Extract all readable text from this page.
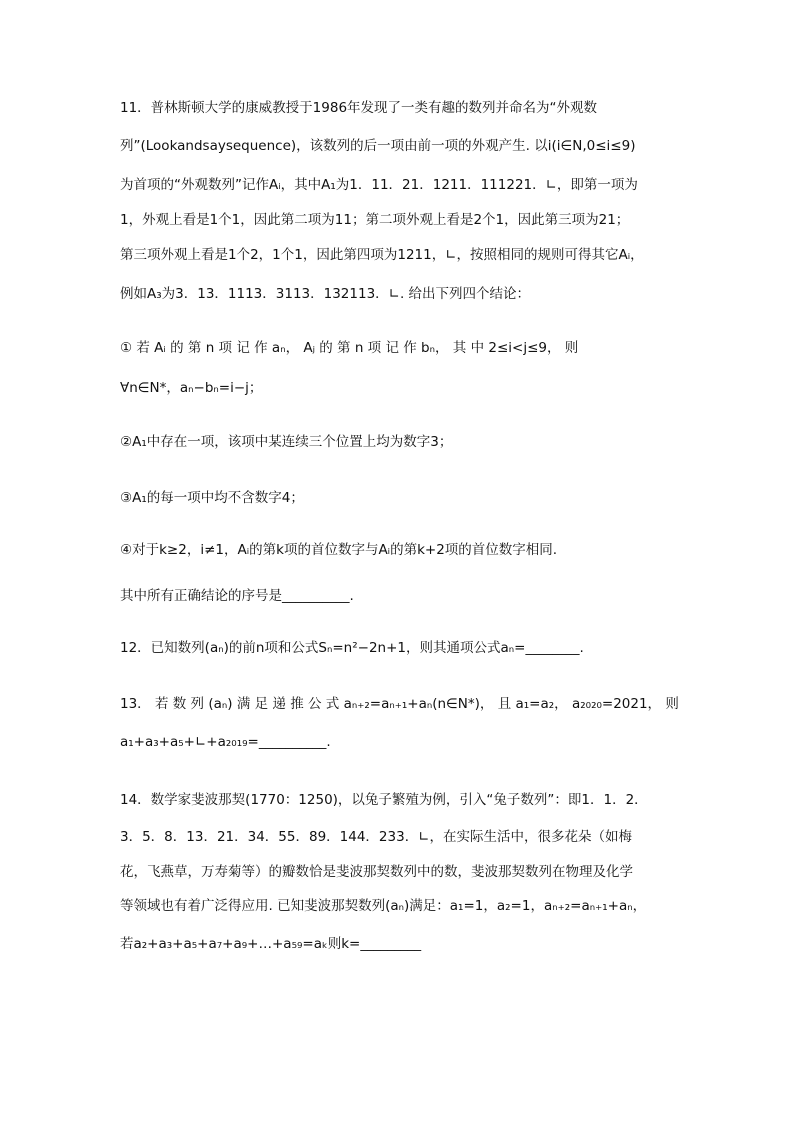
11．普林斯顿大学的康威教授于1986年发现了一类有趣的数列并命名为“外观数
列”(Lookandsaysequence)，该数列的后一项由前一项的外观产生. 以i(i∈N,0≤i≤9)
为首项的“外观数列”记作Aᵢ，其中A₁为1．11．21．1211．111221．∟，即第一项为
1，外观上看是1个1，因此第二项为11；第二项外观上看是2个1，因此第三项为21；
第三项外观上看是1个2，1个1，因此第四项为1211，∟，按照相同的规则可得其它Aᵢ，
例如A₃为3．13．1113．3113．132113．∟. 给出下列四个结论：
① 若 Aᵢ 的 第 n 项 记 作 aₙ， Aⱼ 的 第 n 项 记 作 bₙ， 其 中 2≤i<j≤9， 则
∀n∈N*，aₙ−bₙ=i−j；
②A₁中存在一项，该项中某连续三个位置上均为数字3；
③A₁的每一项中均不含数字4；
④对于k≥2，i≠1，Aᵢ的第k项的首位数字与Aᵢ的第k+2项的首位数字相同.
其中所有正确结论的序号是__________.
12．已知数列(aₙ)的前n项和公式Sₙ=n²−2n+1，则其通项公式aₙ=________.
13． 若 数 列 (aₙ) 满 足 递 推 公 式 aₙ₊₂=aₙ₊₁+aₙ(n∈N*)， 且 a₁=a₂， a₂₀₂₀=2021， 则
a₁+a₃+a₅+∟+a₂₀₁₉=__________.
14．数学家斐波那契(1770：1250)，以兔子繁殖为例，引入“兔子数列”：即1．1．2．
3．5．8．13．21．34．55．89．144．233．∟，在实际生活中，很多花朵（如梅
花，飞燕草，万寿菊等）的瓣数恰是斐波那契数列中的数，斐波那契数列在物理及化学
等领域也有着广泛得应用. 已知斐波那契数列(aₙ)满足：a₁=1，a₂=1，aₙ₊₂=aₙ₊₁+aₙ，
若a₂+a₃+a₅+a₇+a₉+…+a₅₉=aₖ则k=_________
